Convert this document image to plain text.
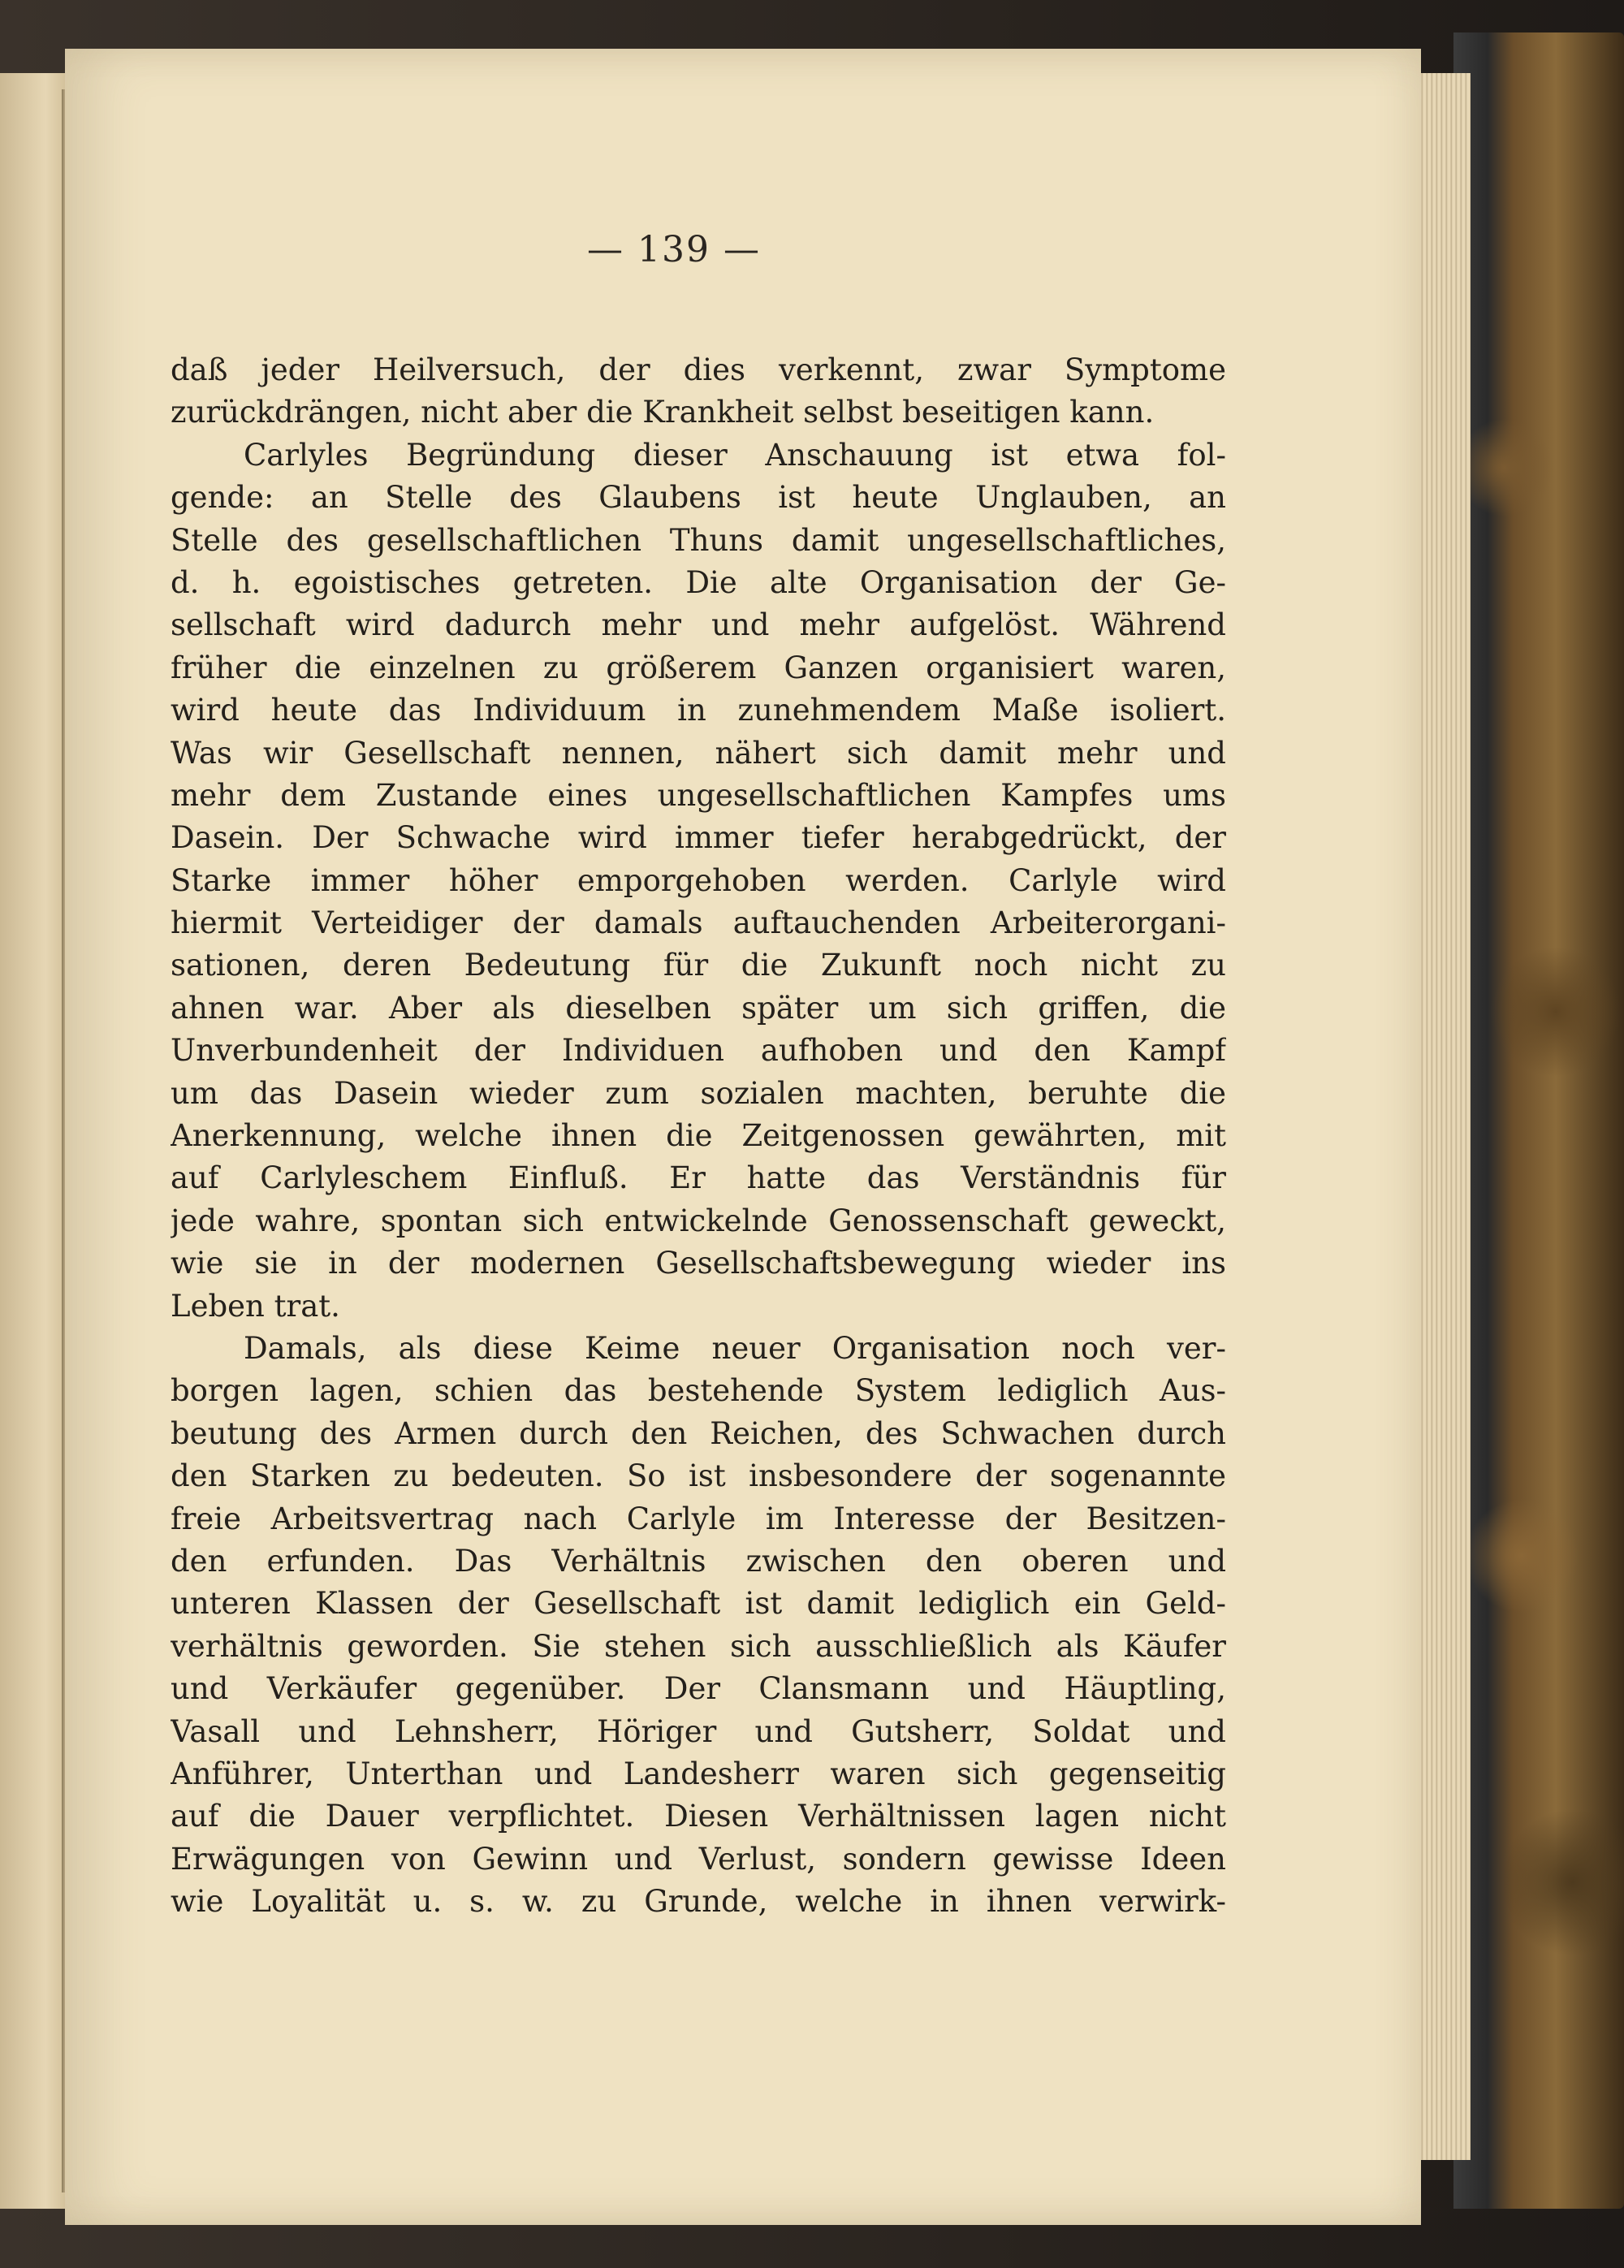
— 139 —
daß jeder Heilversuch, der dies verkennt, zwar Symptome
zurückdrängen, nicht aber die Krankheit selbst beseitigen kann.
Carlyles Begründung dieser Anschauung ist etwa fol-
gende: an Stelle des Glaubens ist heute Unglauben, an
Stelle des gesellschaftlichen Thuns damit ungesellschaftliches,
d. h. egoistisches getreten. Die alte Organisation der Ge-
sellschaft wird dadurch mehr und mehr aufgelöst. Während
früher die einzelnen zu größerem Ganzen organisiert waren,
wird heute das Individuum in zunehmendem Maße isoliert.
Was wir Gesellschaft nennen, nähert sich damit mehr und
mehr dem Zustande eines ungesellschaftlichen Kampfes ums
Dasein. Der Schwache wird immer tiefer herabgedrückt, der
Starke immer höher emporgehoben werden. Carlyle wird
hiermit Verteidiger der damals auftauchenden Arbeiterorgani-
sationen, deren Bedeutung für die Zukunft noch nicht zu
ahnen war. Aber als dieselben später um sich griffen, die
Unverbundenheit der Individuen aufhoben und den Kampf
um das Dasein wieder zum sozialen machten, beruhte die
Anerkennung, welche ihnen die Zeitgenossen gewährten, mit
auf Carlyleschem Einfluß. Er hatte das Verständnis für
jede wahre, spontan sich entwickelnde Genossenschaft geweckt,
wie sie in der modernen Gesellschaftsbewegung wieder ins
Leben trat.
Damals, als diese Keime neuer Organisation noch ver-
borgen lagen, schien das bestehende System lediglich Aus-
beutung des Armen durch den Reichen, des Schwachen durch
den Starken zu bedeuten. So ist insbesondere der sogenannte
freie Arbeitsvertrag nach Carlyle im Interesse der Besitzen-
den erfunden. Das Verhältnis zwischen den oberen und
unteren Klassen der Gesellschaft ist damit lediglich ein Geld-
verhältnis geworden. Sie stehen sich ausschließlich als Käufer
und Verkäufer gegenüber. Der Clansmann und Häuptling,
Vasall und Lehnsherr, Höriger und Gutsherr, Soldat und
Anführer, Unterthan und Landesherr waren sich gegenseitig
auf die Dauer verpflichtet. Diesen Verhältnissen lagen nicht
Erwägungen von Gewinn und Verlust, sondern gewisse Ideen
wie Loyalität u. s. w. zu Grunde, welche in ihnen verwirk-
